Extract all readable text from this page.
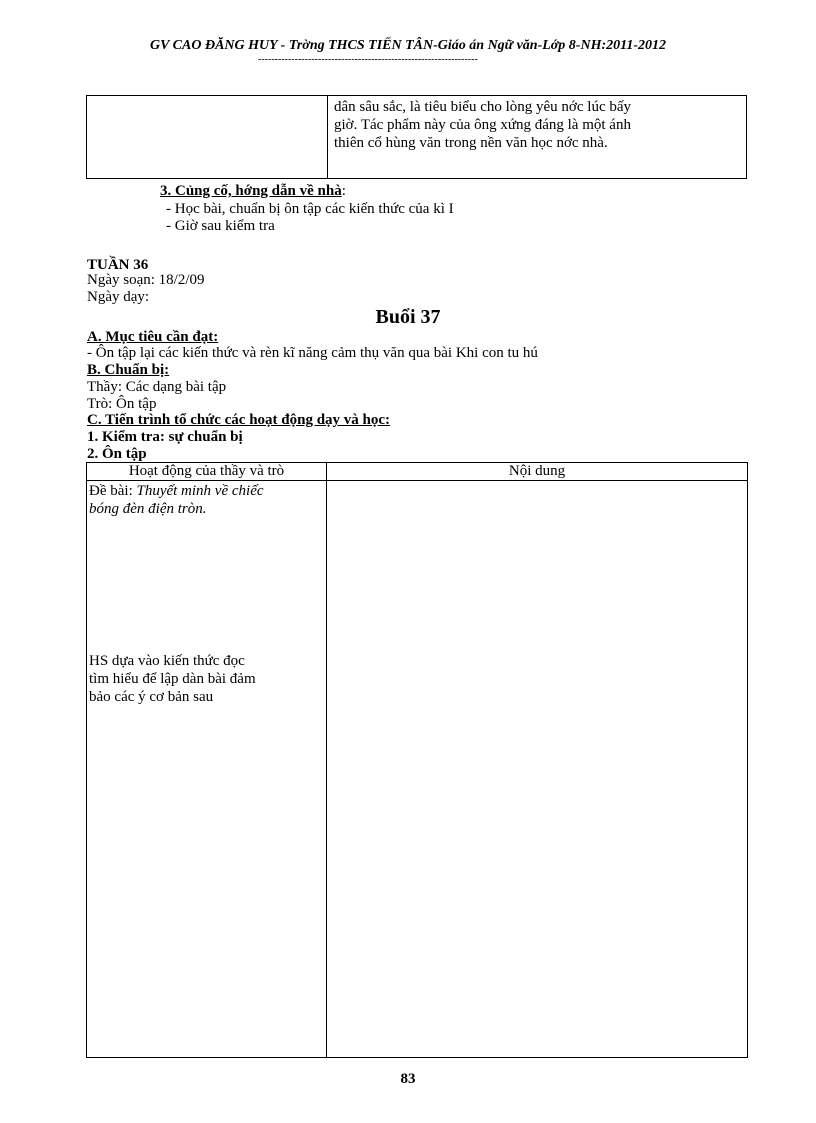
GV CAO ĐĂNG HUY - Trờng THCS TIẾN TÂN-Giáo án Ngữ văn-Lớp 8-NH:2011-2012
------------------------------------------------------------------
dân sâu sắc, là tiêu biểu cho lòng yêu nớc lúc bấy
giờ. Tác phẩm này của ông xứng đáng là một ánh
thiên cổ hùng văn trong nền văn học nớc nhà.
3. Củng cố, hớng dẫn về nhà:
- Học bài, chuẩn bị ôn tập các kiến thức của kì I
- Giờ sau kiểm tra
TUẦN 36
Ngày soạn: 18/2/09
Ngày dạy:
Buổi 37
A. Mục tiêu cần đạt:
- Ôn tập lại các kiến thức và rèn kĩ năng cảm thụ văn qua bài Khi con tu hú
B. Chuẩn bị:
Thầy: Các dạng bài tập
Trò: Ôn tập
C. Tiến trình tổ chức các hoạt động dạy và học:
1. Kiểm tra: sự chuẩn bị
2. Ôn tập
Hoạt động của thầy và trò	Nội dung
Đề bài: Thuyết minh về chiếc
bóng đèn điện tròn.
HS dựa vào kiến thức đọc
tìm hiểu để lập dàn bài đảm
bảo các ý cơ bản sau
83
